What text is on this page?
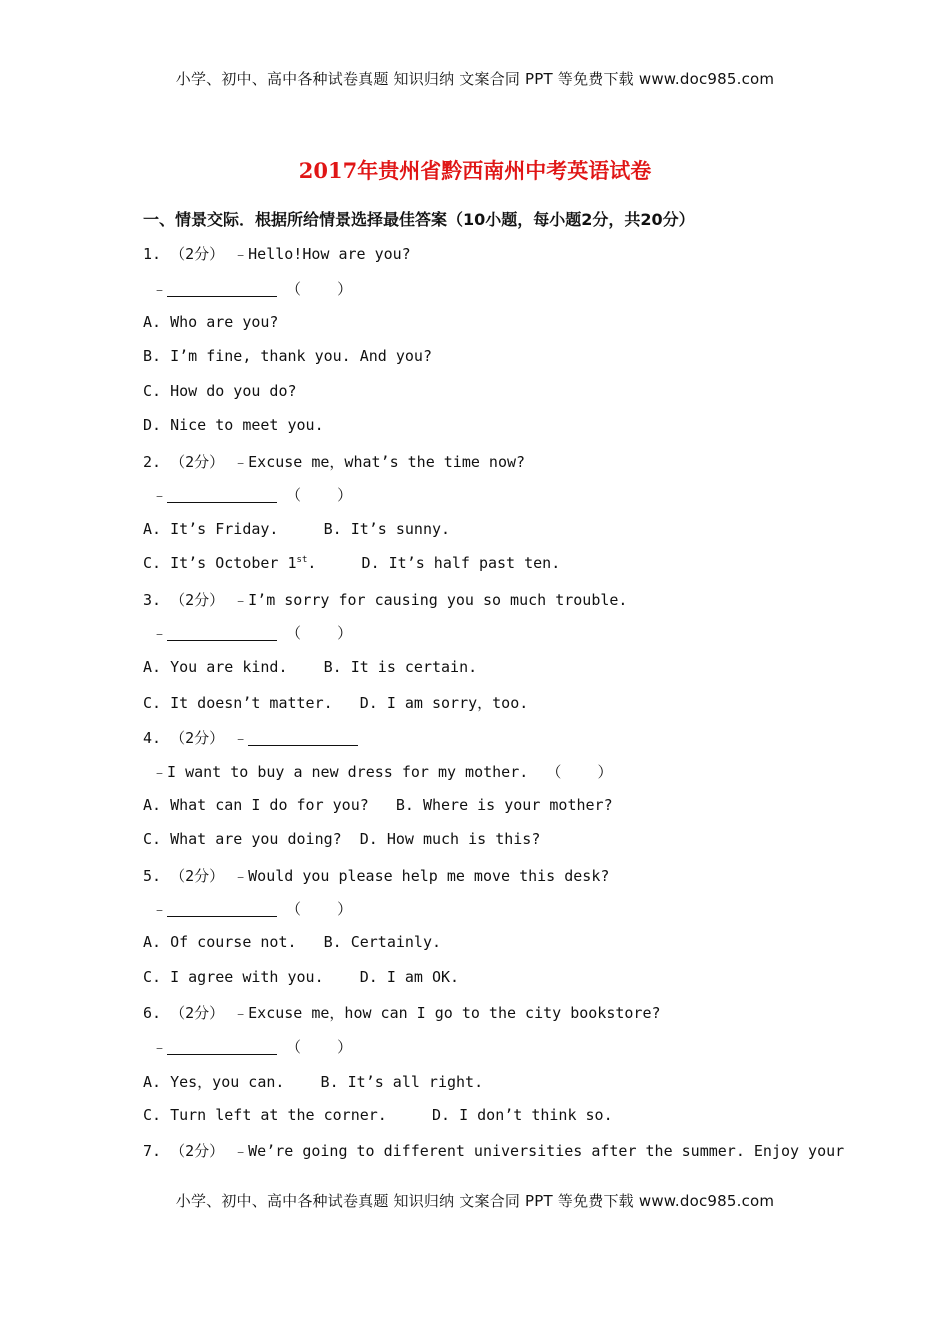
小学、初中、高中各种试卷真题 知识归纳 文案合同 PPT 等免费下载 www.doc985.com
2017年贵州省黔西南州中考英语试卷
一、情景交际．根据所给情景选择最佳答案（10小题，每小题2分，共20分）
1. （2分） ﹣Hello!How are you?
﹣	（    ）
A. Who are you?
B. I’m fine, thank you. And you?
C. How do you do?
D. Nice to meet you.
2. （2分） ﹣Excuse me，what’s the time now?
﹣	（    ）
A. It’s Friday.     B. It’s sunny.
C. It’s October 1st.     D. It’s half past ten.
3. （2分） ﹣I’m sorry for causing you so much trouble.
﹣	（    ）
A. You are kind.    B. It is certain.
C. It doesn’t matter.   D. I am sorry，too.
4. （2分） ﹣
﹣I want to buy a new dress for my mother.  （    ）
A. What can I do for you?   B. Where is your mother?
C. What are you doing?  D. How much is this?
5. （2分） ﹣Would you please help me move this desk?
﹣	（    ）
A. Of course not.   B. Certainly.
C. I agree with you.    D. I am OK.
6. （2分） ﹣Excuse me，how can I go to the city bookstore?
﹣	（    ）
A. Yes，you can.    B. It’s all right.
C. Turn left at the corner.     D. I don’t think so.
7. （2分） ﹣We’re going to different universities after the summer. Enjoy your
小学、初中、高中各种试卷真题 知识归纳 文案合同 PPT 等免费下载 www.doc985.com
